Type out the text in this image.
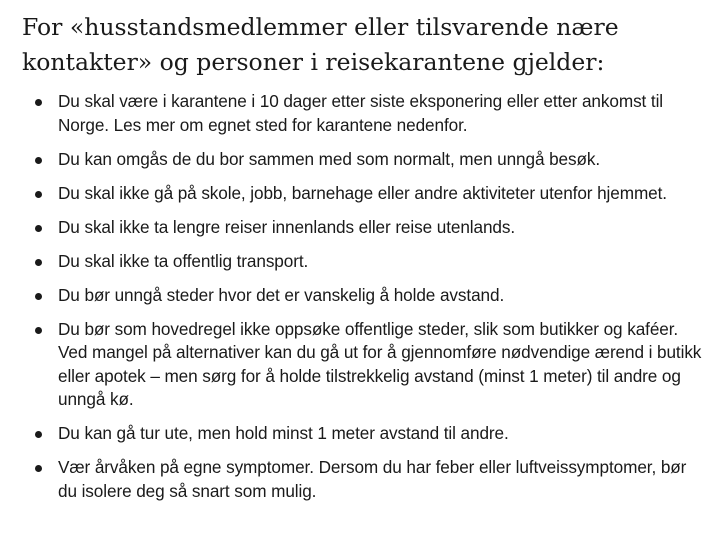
For «husstandsmedlemmer eller tilsvarende nære kontakter» og personer i reisekarantene gjelder:
Du skal være i karantene i 10 dager etter siste eksponering eller etter ankomst til Norge. Les mer om egnet sted for karantene nedenfor.
Du kan omgås de du bor sammen med som normalt, men unngå besøk.
Du skal ikke gå på skole, jobb, barnehage eller andre aktiviteter utenfor hjemmet.
Du skal ikke ta lengre reiser innenlands eller reise utenlands.
Du skal ikke ta offentlig transport.
Du bør unngå steder hvor det er vanskelig å holde avstand.
Du bør som hovedregel ikke oppsøke offentlige steder, slik som butikker og kaféer. Ved mangel på alternativer kan du gå ut for å gjennomføre nødvendige ærend i butikk eller apotek – men sørg for å holde tilstrekkelig avstand (minst 1 meter) til andre og unngå kø.
Du kan gå tur ute, men hold minst 1 meter avstand til andre.
Vær årvåken på egne symptomer. Dersom du har feber eller luftveissymptomer, bør du isolere deg så snart som mulig.
